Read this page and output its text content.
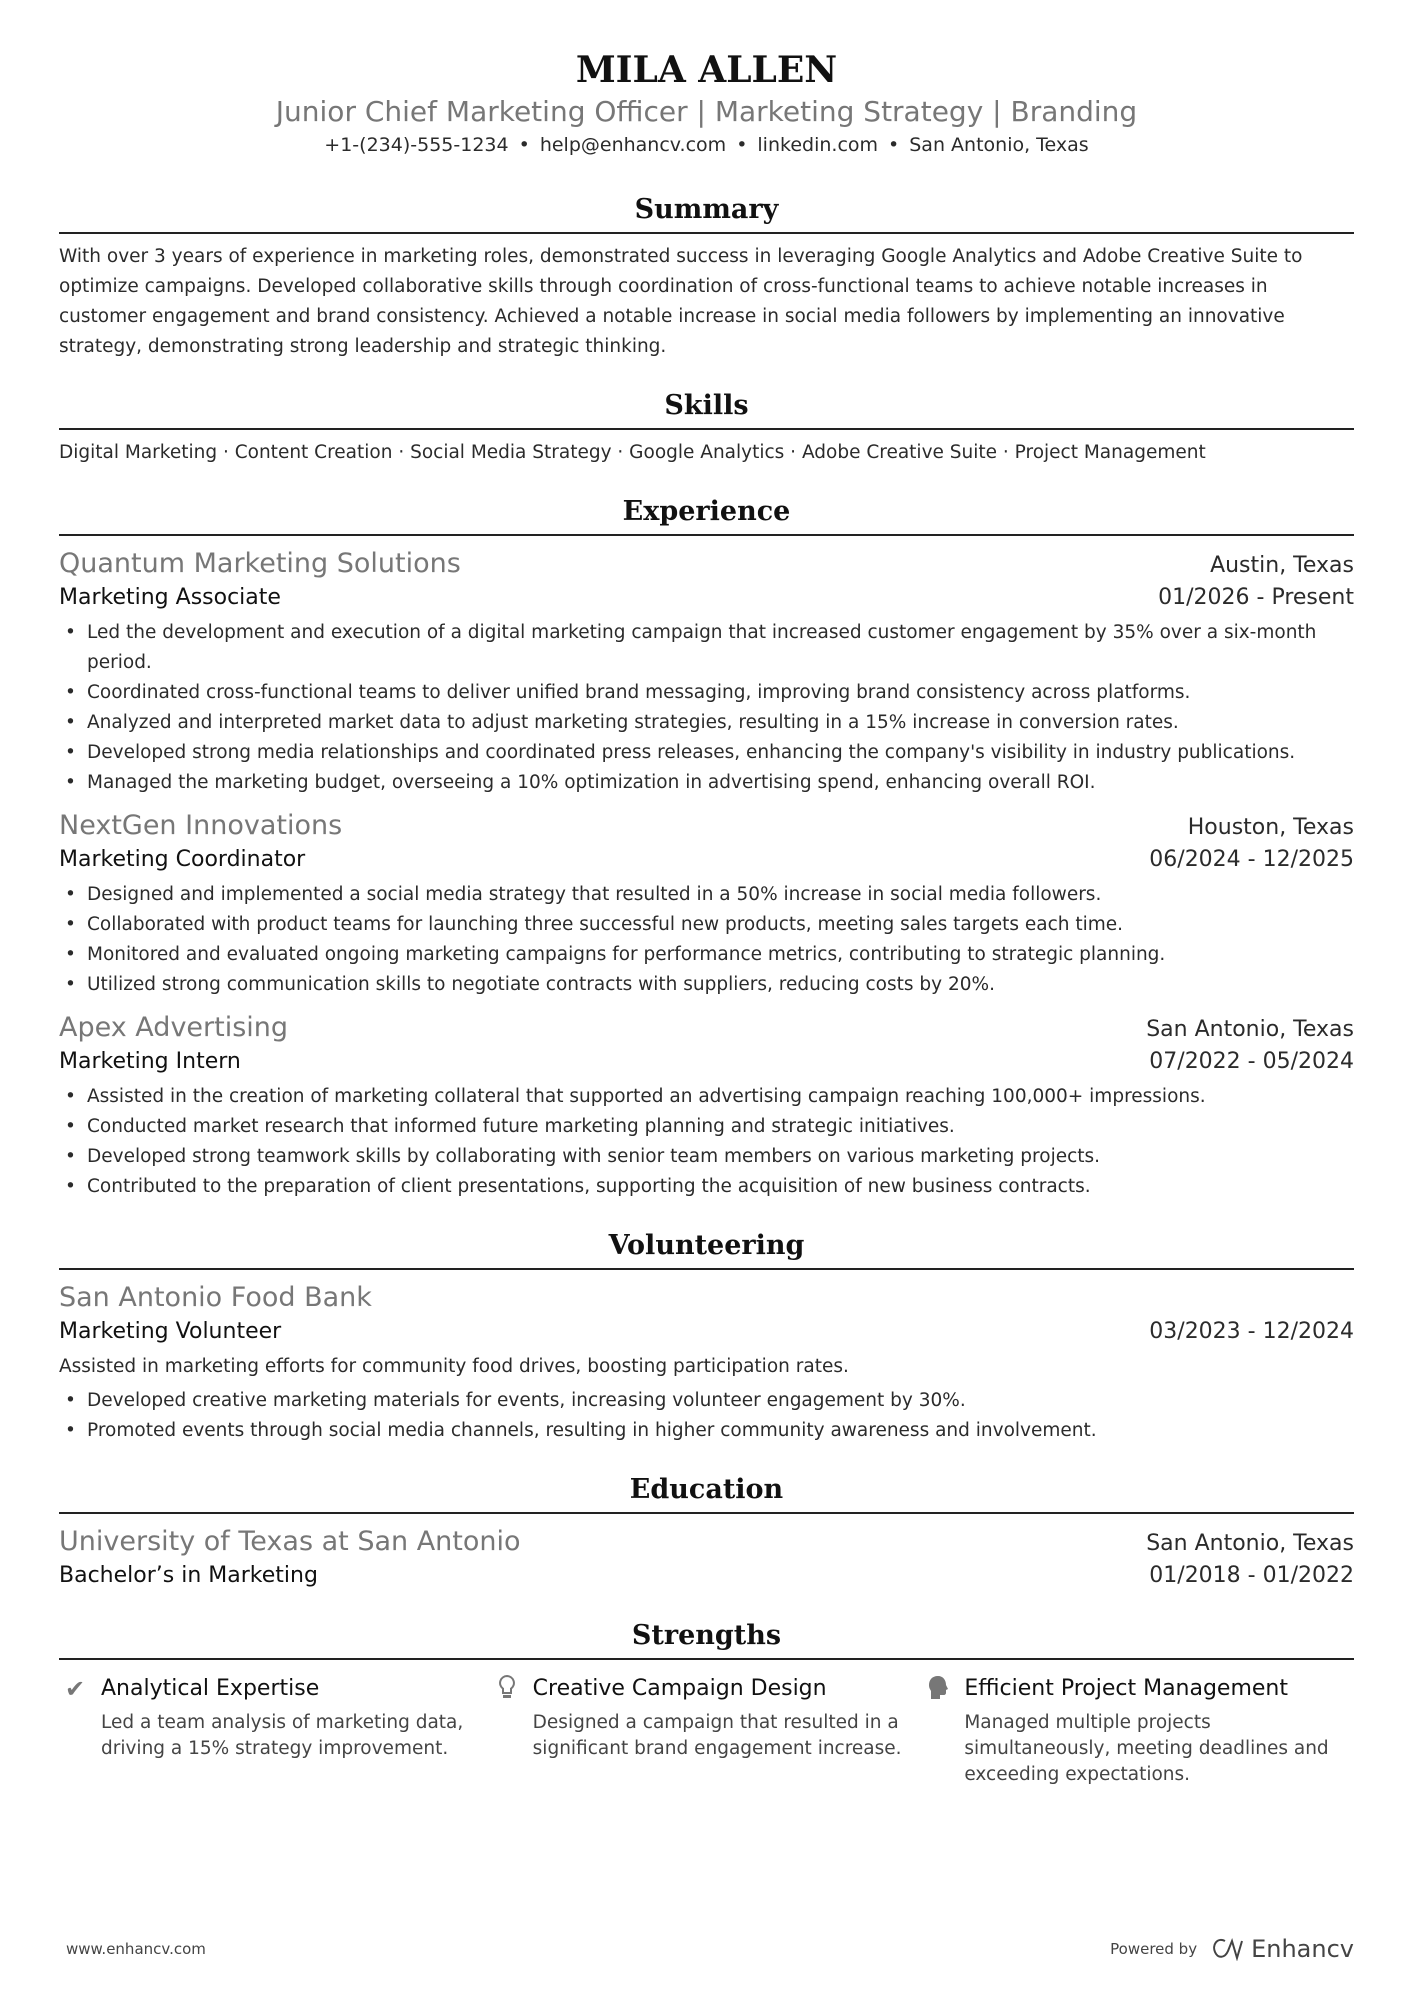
MILA ALLEN
Junior Chief Marketing Officer | Marketing Strategy | Branding
+1-(234)-555-1234 • help@enhancv.com • linkedin.com • San Antonio, Texas
Summary
With over 3 years of experience in marketing roles, demonstrated success in leveraging Google Analytics and Adobe Creative Suite to optimize campaigns. Developed collaborative skills through coordination of cross-functional teams to achieve notable increases in customer engagement and brand consistency. Achieved a notable increase in social media followers by implementing an innovative strategy, demonstrating strong leadership and strategic thinking.
Skills
Digital Marketing · Content Creation · Social Media Strategy · Google Analytics · Adobe Creative Suite · Project Management
Experience
Quantum Marketing Solutions	Austin, Texas
Marketing Associate	01/2026 - Present
• Led the development and execution of a digital marketing campaign that increased customer engagement by 35% over a six-month period.
• Coordinated cross-functional teams to deliver unified brand messaging, improving brand consistency across platforms.
• Analyzed and interpreted market data to adjust marketing strategies, resulting in a 15% increase in conversion rates.
• Developed strong media relationships and coordinated press releases, enhancing the company's visibility in industry publications.
• Managed the marketing budget, overseeing a 10% optimization in advertising spend, enhancing overall ROI.
NextGen Innovations	Houston, Texas
Marketing Coordinator	06/2024 - 12/2025
• Designed and implemented a social media strategy that resulted in a 50% increase in social media followers.
• Collaborated with product teams for launching three successful new products, meeting sales targets each time.
• Monitored and evaluated ongoing marketing campaigns for performance metrics, contributing to strategic planning.
• Utilized strong communication skills to negotiate contracts with suppliers, reducing costs by 20%.
Apex Advertising	San Antonio, Texas
Marketing Intern	07/2022 - 05/2024
• Assisted in the creation of marketing collateral that supported an advertising campaign reaching 100,000+ impressions.
• Conducted market research that informed future marketing planning and strategic initiatives.
• Developed strong teamwork skills by collaborating with senior team members on various marketing projects.
• Contributed to the preparation of client presentations, supporting the acquisition of new business contracts.
Volunteering
San Antonio Food Bank
Marketing Volunteer	03/2023 - 12/2024
Assisted in marketing efforts for community food drives, boosting participation rates.
• Developed creative marketing materials for events, increasing volunteer engagement by 30%.
• Promoted events through social media channels, resulting in higher community awareness and involvement.
Education
University of Texas at San Antonio	San Antonio, Texas
Bachelor’s in Marketing	01/2018 - 01/2022
Strengths
✔ Analytical Expertise
Led a team analysis of marketing data, driving a 15% strategy improvement.
Creative Campaign Design
Designed a campaign that resulted in a significant brand engagement increase.
Efficient Project Management
Managed multiple projects simultaneously, meeting deadlines and exceeding expectations.
www.enhancv.com	Powered by Enhancv
